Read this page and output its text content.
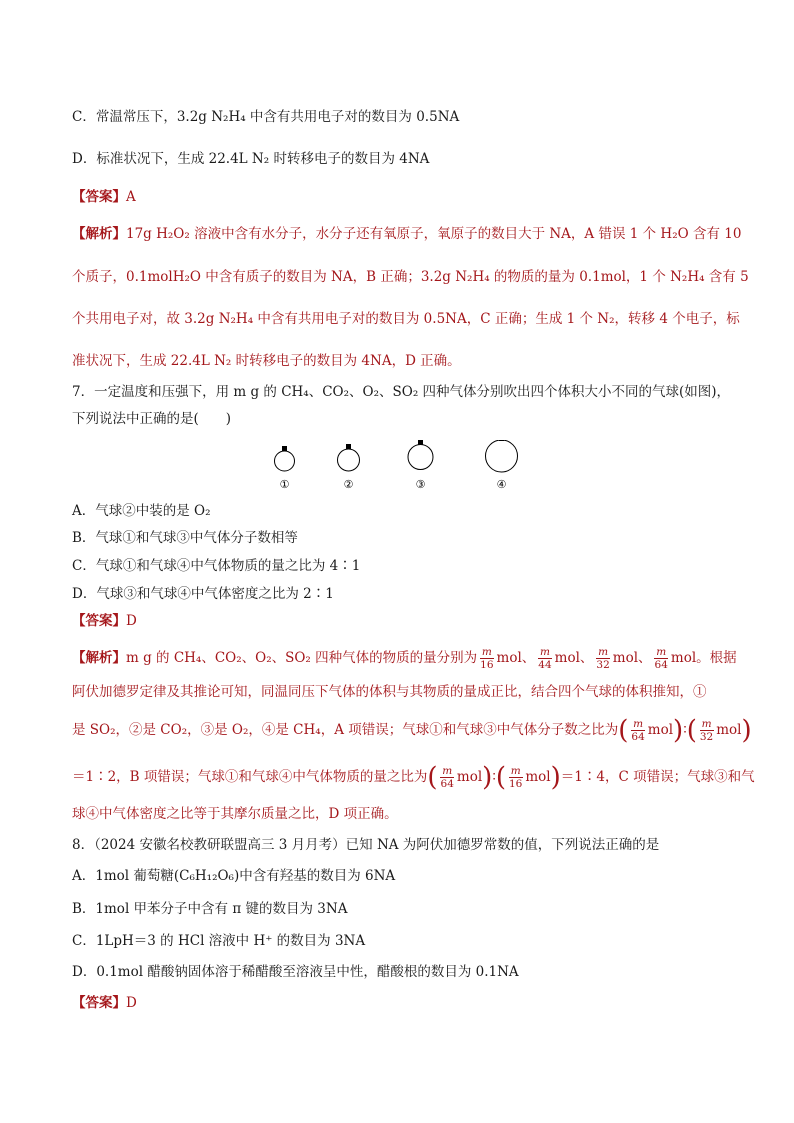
C．常温常压下，3.2g N₂H₄ 中含有共用电子对的数目为 0.5NA
D．标准状况下，生成 22.4L N₂ 时转移电子的数目为 4NA
【答案】A
【解析】17g H₂O₂ 溶液中含有水分子，水分子还有氧原子，氧原子的数目大于 NA，A 错误 1 个 H₂O 含有 10
个质子，0.1molH₂O 中含有质子的数目为 NA，B 正确；3.2g N₂H₄ 的物质的量为 0.1mol，1 个 N₂H₄ 含有 5
个共用电子对，故 3.2g N₂H₄ 中含有共用电子对的数目为 0.5NA，C 正确；生成 1 个 N₂，转移 4 个电子，标
准状况下，生成 22.4L N₂ 时转移电子的数目为 4NA，D 正确。
7．一定温度和压强下，用 m g 的 CH₄、CO₂、O₂、SO₂ 四种气体分别吹出四个体积大小不同的气球(如图)，
下列说法中正确的是(　　)
①	②	③	④
A．气球②中装的是 O₂
B．气球①和气球③中气体分子数相等
C．气球①和气球④中气体物质的量之比为 4∶1
D．气球③和气球④中气体密度之比为 2∶1
【答案】D
【解析】m g 的 CH₄、CO₂、O₂、SO₂ 四种气体的物质的量分别为 $\frac{m}{16}$ mol、 $\frac{m}{44}$ mol、 $\frac{m}{32}$ mol、 $\frac{m}{64}$ mol。根据
阿伏加德罗定律及其推论可知，同温同压下气体的体积与其物质的量成正比，结合四个气球的体积推知，①
是 SO₂，②是 CO₂，③是 O₂，④是 CH₄，A 项错误；气球①和气球③中气体分子数之比为( $\frac{m}{64}$ mol)∶( $\frac{m}{32} mol$)
＝1∶2，B 项错误；气球①和气球④中气体物质的量之比为( $\frac{m}{64}$ mol)∶( $\frac{m}{16}$ mol)＝1∶4，C 项错误；气球③和气
球④中气体密度之比等于其摩尔质量之比，D 项正确。
8．（2024 安徽名校教研联盟高三 3 月月考）已知 NA 为阿伏加德罗常数的值，下列说法正确的是
A．1mol 葡萄糖(C₆H₁₂O₆)中含有羟基的数目为 6NA
B．1mol 甲苯分子中含有 π 键的数目为 3NA
C．1LpH＝3 的 HCl 溶液中 H⁺ 的数目为 3NA
D．0.1mol 醋酸钠固体溶于稀醋酸至溶液呈中性，醋酸根的数目为 0.1NA
【答案】D
